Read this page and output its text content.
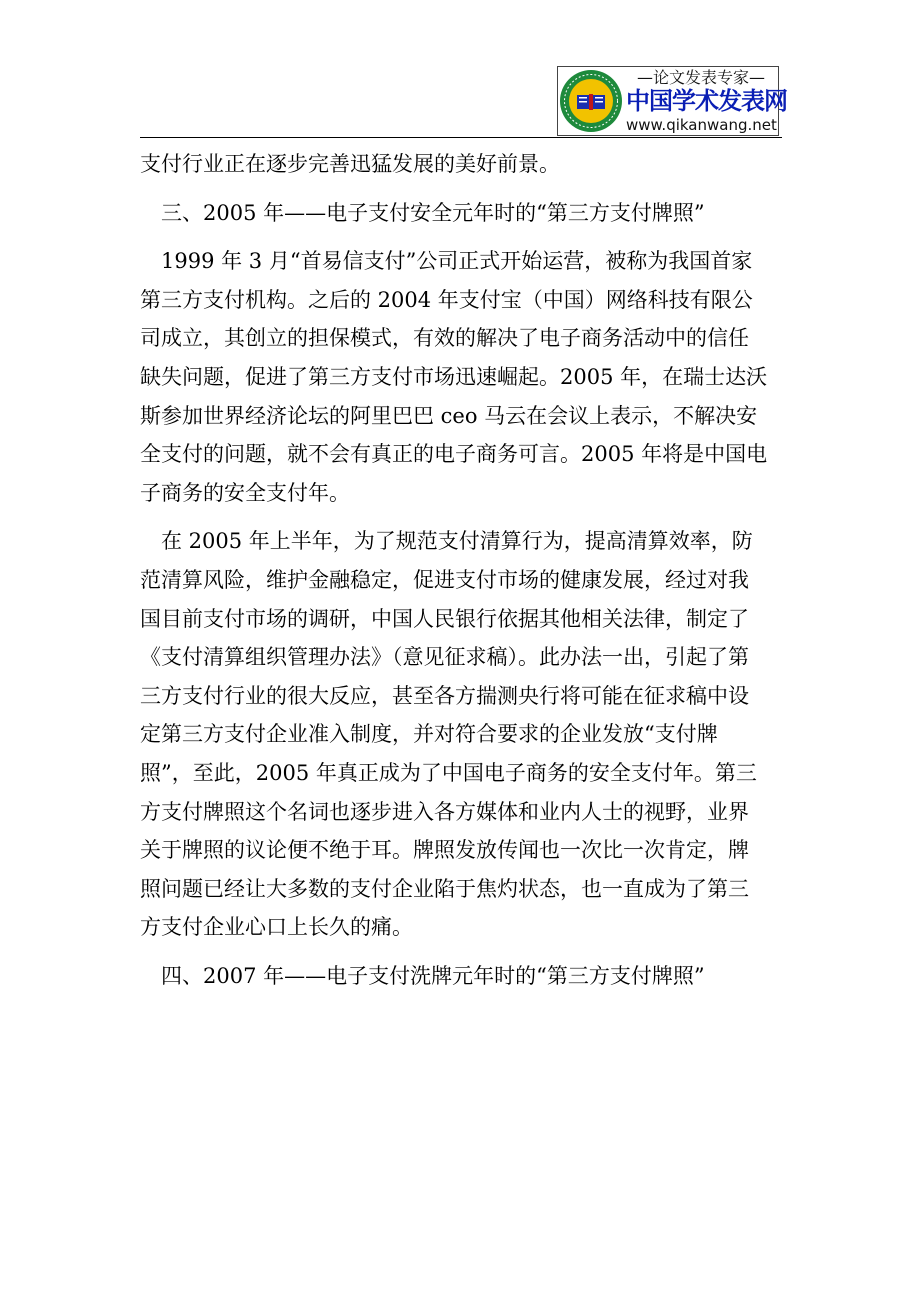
—论文发表专家—
中国学术发表网
www.qikanwang.net
支付行业正在逐步完善迅猛发展的美好前景。
　三、2005 年——电子支付安全元年时的“第三方支付牌照”
　1999 年 3 月“首易信支付”公司正式开始运营，被称为我国首家
第三方支付机构。之后的 2004 年支付宝（中国）网络科技有限公
司成立，其创立的担保模式，有效的解决了电子商务活动中的信任
缺失问题，促进了第三方支付市场迅速崛起。2005 年，在瑞士达沃
斯参加世界经济论坛的阿里巴巴 ceo 马云在会议上表示，不解决安
全支付的问题，就不会有真正的电子商务可言。2005 年将是中国电
子商务的安全支付年。
　在 2005 年上半年，为了规范支付清算行为，提高清算效率，防
范清算风险，维护金融稳定，促进支付市场的健康发展，经过对我
国目前支付市场的调研，中国人民银行依据其他相关法律，制定了
《支付清算组织管理办法》（意见征求稿）。此办法一出，引起了第
三方支付行业的很大反应，甚至各方揣测央行将可能在征求稿中设
定第三方支付企业准入制度，并对符合要求的企业发放“支付牌
照”，至此，2005 年真正成为了中国电子商务的安全支付年。第三
方支付牌照这个名词也逐步进入各方媒体和业内人士的视野，业界
关于牌照的议论便不绝于耳。牌照发放传闻也一次比一次肯定，牌
照问题已经让大多数的支付企业陷于焦灼状态，也一直成为了第三
方支付企业心口上长久的痛。
　四、2007 年——电子支付洗牌元年时的“第三方支付牌照”
